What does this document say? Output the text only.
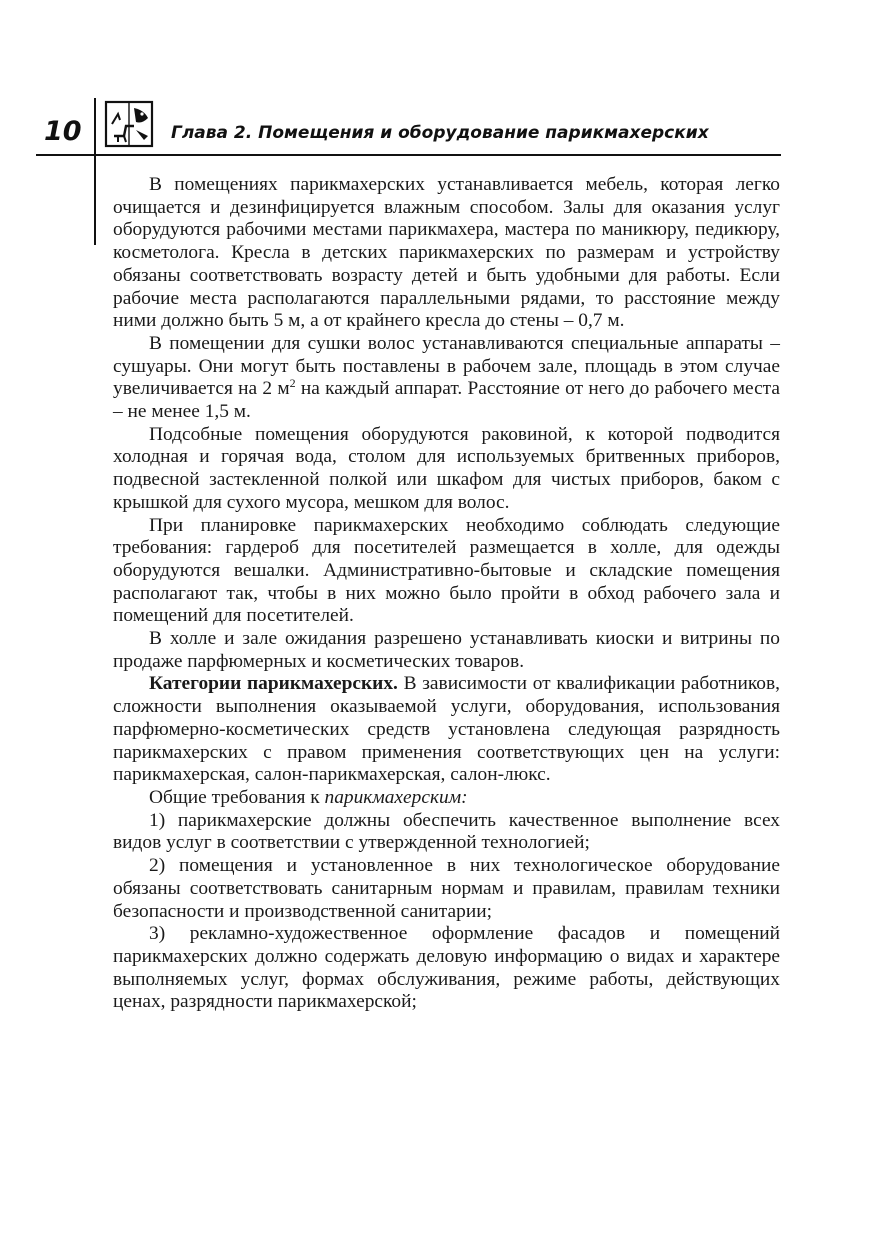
10	Глава 2. Помещения и оборудование парикмахерских

В помещениях парикмахерских устанавливается мебель, которая легко очищается и дезинфицируется влажным способом. Залы для оказания услуг оборудуются рабочими местами парикмахера, мастера по маникюру, педикюру, косметолога. Кресла в детских парикмахерских по размерам и устройству обязаны соответствовать возрасту детей и быть удобными для работы. Если рабочие места располагаются параллельными рядами, то расстояние между ними должно быть 5 м, а от крайнего кресла до стены – 0,7 м.

В помещении для сушки волос устанавливаются специальные аппараты – сушуары. Они могут быть поставлены в рабочем зале, площадь в этом случае увеличивается на 2 $м^2$ на каждый аппарат. Расстояние от него до рабочего места – не менее 1,5 м.

Подсобные помещения оборудуются раковиной, к которой подводится холодная и горячая вода, столом для используемых бритвенных приборов, подвесной застекленной полкой или шкафом для чистых приборов, баком с крышкой для сухого мусора, мешком для волос.

При планировке парикмахерских необходимо соблюдать следующие требования: гардероб для посетителей размещается в холле, для одежды оборудуются вешалки. Административно-бытовые и складские помещения располагают так, чтобы в них можно было пройти в обход рабочего зала и помещений для посетителей.

В холле и зале ожидания разрешено устанавливать киоски и витрины по продаже парфюмерных и косметических товаров.

Категории парикмахерских. В зависимости от квалификации работников, сложности выполнения оказываемой услуги, оборудования, использования парфюмерно-косметических средств установлена следующая разрядность парикмахерских с правом применения соответствующих цен на услуги: парикмахерская, салон-парикмахерская, салон-люкс.

Общие требования к парикмахерским:

1) парикмахерские должны обеспечить качественное выполнение всех видов услуг в соответствии с утвержденной технологией;

2) помещения и установленное в них технологическое оборудование обязаны соответствовать санитарным нормам и правилам, правилам техники безопасности и производственной санитарии;

3) рекламно-художественное оформление фасадов и помещений парикмахерских должно содержать деловую информацию о видах и характере выполняемых услуг, формах обслуживания, режиме работы, действующих ценах, разрядности парикмахерской;
